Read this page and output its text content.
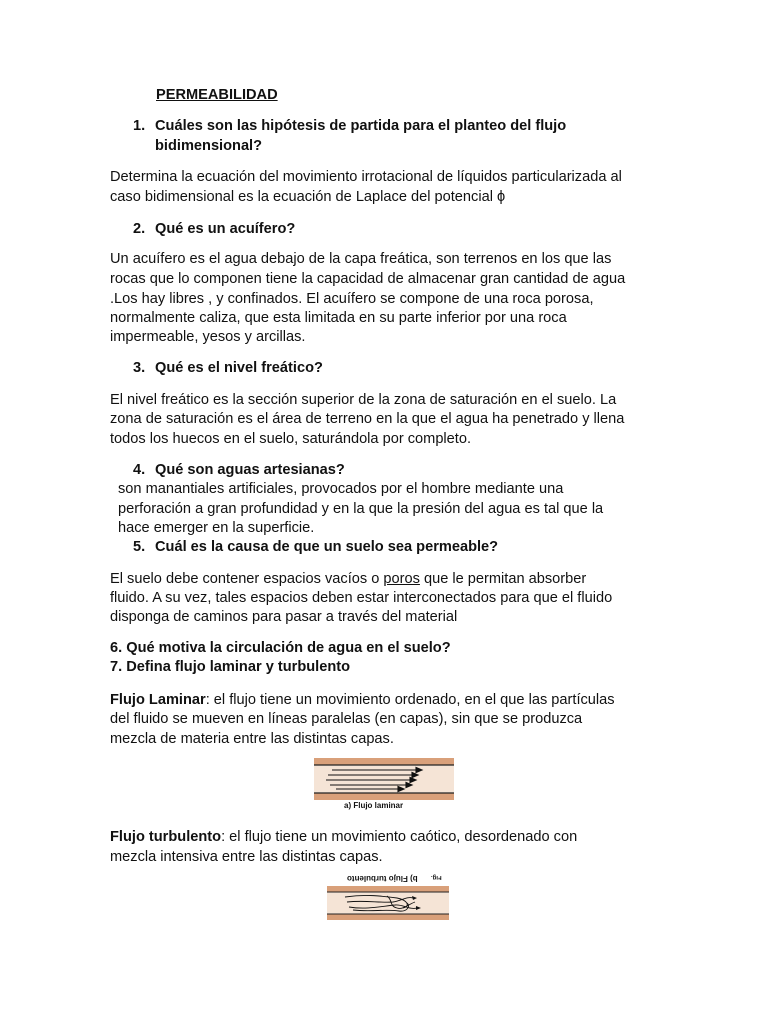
PERMEABILIDAD

1. Cuáles son las hipótesis de partida para el planteo del flujo

bidimensional?

Determina la ecuación del movimiento irrotacional de líquidos particularizada al

caso bidimensional es la ecuación de Laplace del potencial ϕ

2. Qué es un acuífero?

Un acuífero es el agua debajo de la capa freática, son terrenos en los que las

rocas que lo componen tiene la capacidad de almacenar gran cantidad de agua

.Los hay libres , y confinados. El acuífero se compone de una roca porosa,

normalmente caliza, que esta limitada en su parte inferior por una roca

impermeable, yesos y arcillas.

3. Qué es el nivel freático?

El nivel freático es la sección superior de la zona de saturación en el suelo. La

zona de saturación es el área de terreno en la que el agua ha penetrado y llena

todos los huecos en el suelo, saturándola por completo.

4. Qué son aguas artesianas?

son manantiales artificiales, provocados por el hombre mediante una

perforación a gran profundidad y en la que la presión del agua es tal que la

hace emerger en la superficie.

5. Cuál es la causa de que un suelo sea permeable?

El suelo debe contener espacios vacíos o poros que le permitan absorber

fluido. A su vez, tales espacios deben estar interconectados para que el fluido

disponga de caminos para pasar a través del material

6. Qué motiva la circulación de agua en el suelo?

7. Defina flujo laminar y turbulento

Flujo Laminar: el flujo tiene un movimiento ordenado, en el que las partículas

del fluido se mueven en líneas paralelas (en capas), sin que se produzca

mezcla de materia entre las distintas capas.

a) Flujo laminar

Flujo turbulento: el flujo tiene un movimiento caótico, desordenado con

mezcla intensiva entre las distintas capas.

b) Flujo turbulento Fig.
